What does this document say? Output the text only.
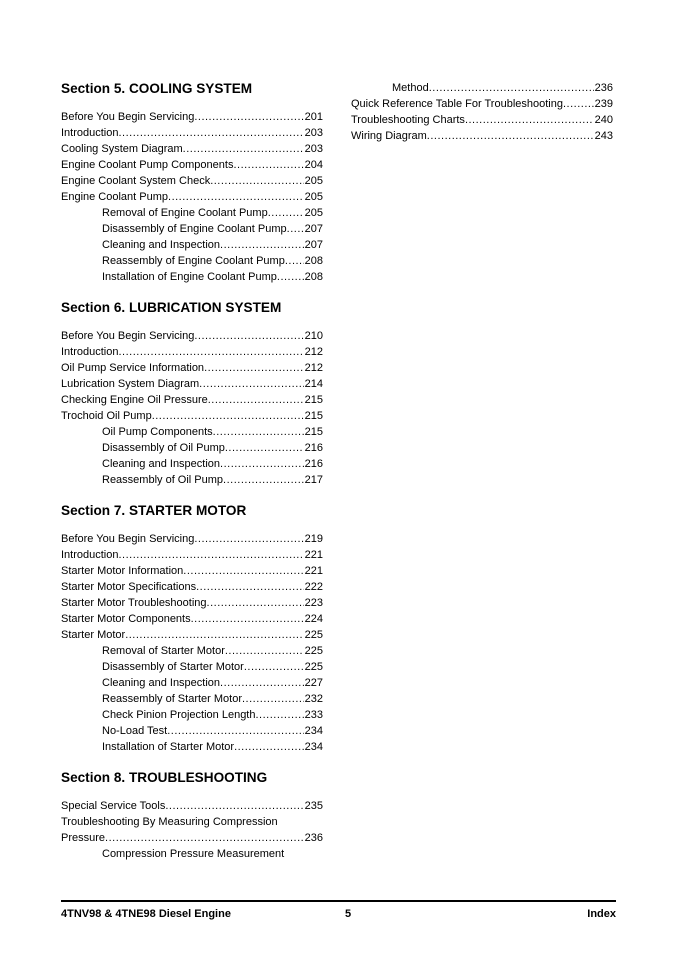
Section 5. COOLING SYSTEM
Before You Begin Servicing .....	201
Introduction .....	203
Cooling System Diagram .....	203
Engine Coolant Pump Components .....	204
Engine Coolant System Check .....	205
Engine Coolant Pump .....	205
Removal of Engine Coolant Pump .....	205
Disassembly of Engine Coolant Pump ..... 207
Cleaning and Inspection .....	207
Reassembly of Engine Coolant Pump ..... 208
Installation of Engine Coolant Pump .....	208
Section 6. LUBRICATION SYSTEM
Before You Begin Servicing .....	210
Introduction .....	212
Oil Pump Service Information .....	212
Lubrication System Diagram .....	214
Checking Engine Oil Pressure .....	215
Trochoid Oil Pump .....	215
Oil Pump Components .....	215
Disassembly of Oil Pump .....	216
Cleaning and Inspection .....	216
Reassembly of Oil Pump .....	217
Section 7. STARTER MOTOR
Before You Begin Servicing .....	219
Introduction .....	221
Starter Motor Information .....	221
Starter Motor Specifications .....	222
Starter Motor Troubleshooting .....	223
Starter Motor Components .....	224
Starter Motor .....	225
Removal of Starter Motor .....	225
Disassembly of Starter Motor .....	225
Cleaning and Inspection .....	227
Reassembly of Starter Motor .....	232
Check Pinion Projection Length .....	233
No-Load Test .....	234
Installation of Starter Motor .....	234
Section 8. TROUBLESHOOTING
Special Service Tools .....	235
Troubleshooting By Measuring Compression
Pressure .....	236
Compression Pressure Measurement
Method .....	236
Quick Reference Table For Troubleshooting .....	239
Troubleshooting Charts .....	240
Wiring Diagram .....	243
4TNV98 & 4TNE98 Diesel Engine	5	Index
